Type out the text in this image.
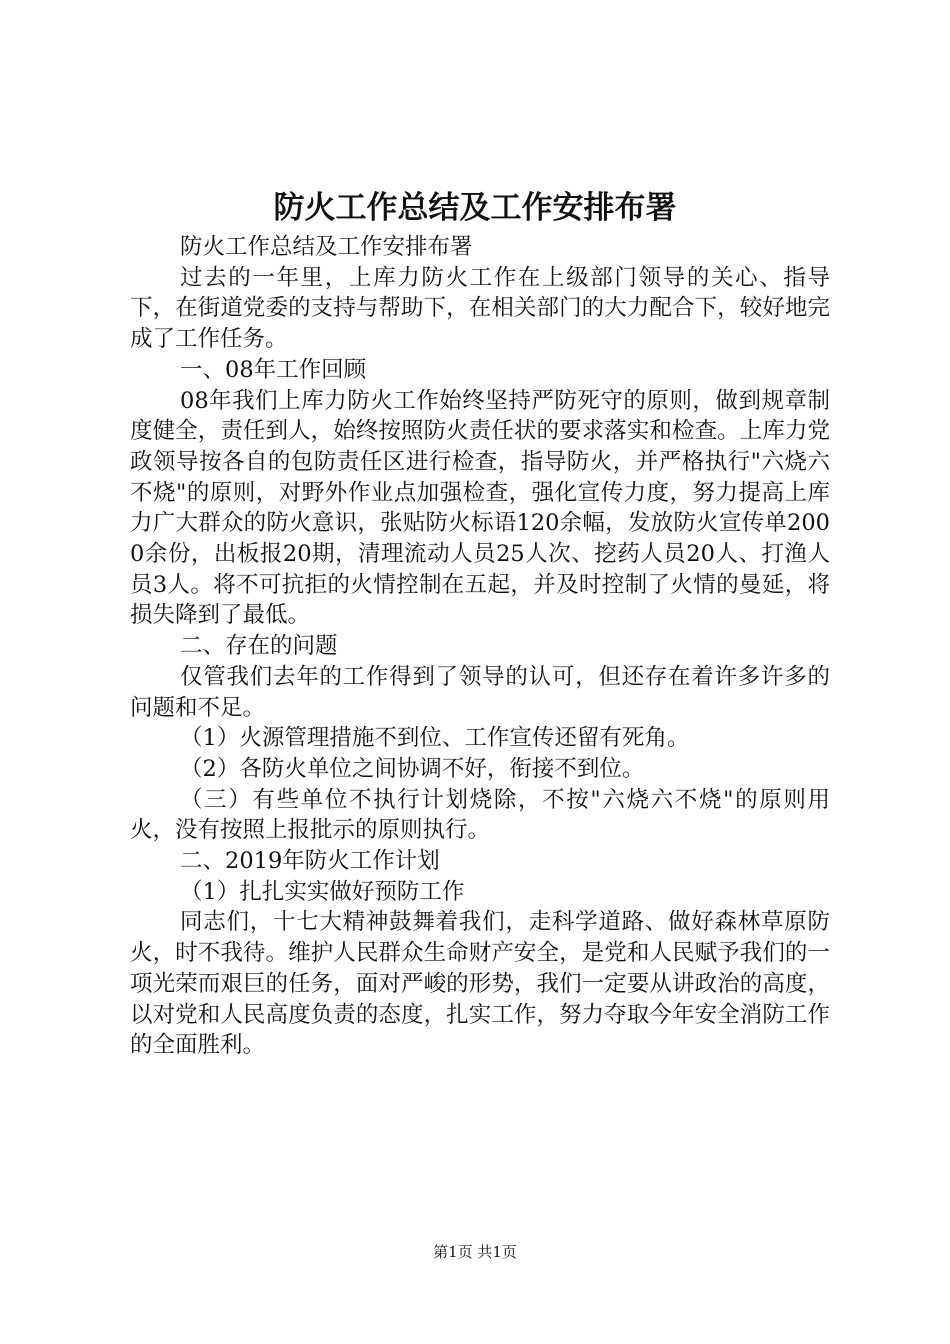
防火工作总结及工作安排布署

防火工作总结及工作安排布署

过去的一年里，上库力防火工作在上级部门领导的关心、指导下，在街道党委的支持与帮助下，在相关部门的大力配合下，较好地完成了工作任务。

一、08年工作回顾

08年我们上库力防火工作始终坚持严防死守的原则，做到规章制度健全，责任到人，始终按照防火责任状的要求落实和检查。上库力党政领导按各自的包防责任区进行检查，指导防火，并严格执行"六烧六不烧"的原则，对野外作业点加强检查，强化宣传力度，努力提高上库力广大群众的防火意识，张贴防火标语120余幅，发放防火宣传单2000余份，出板报20期，清理流动人员25人次、挖药人员20人、打渔人员3人。将不可抗拒的火情控制在五起，并及时控制了火情的曼延，将损失降到了最低。

二、存在的问题

仅管我们去年的工作得到了领导的认可，但还存在着许多许多的问题和不足。

（1）火源管理措施不到位、工作宣传还留有死角。

（2）各防火单位之间协调不好，衔接不到位。

（三）有些单位不执行计划烧除，不按"六烧六不烧"的原则用火，没有按照上报批示的原则执行。

二、2019年防火工作计划

（1）扎扎实实做好预防工作

同志们，十七大精神鼓舞着我们，走科学道路、做好森林草原防火，时不我待。维护人民群众生命财产安全，是党和人民赋予我们的一项光荣而艰巨的任务，面对严峻的形势，我们一定要从讲政治的高度，以对党和人民高度负责的态度，扎实工作，努力夺取今年安全消防工作的全面胜利。

第1页 共1页
